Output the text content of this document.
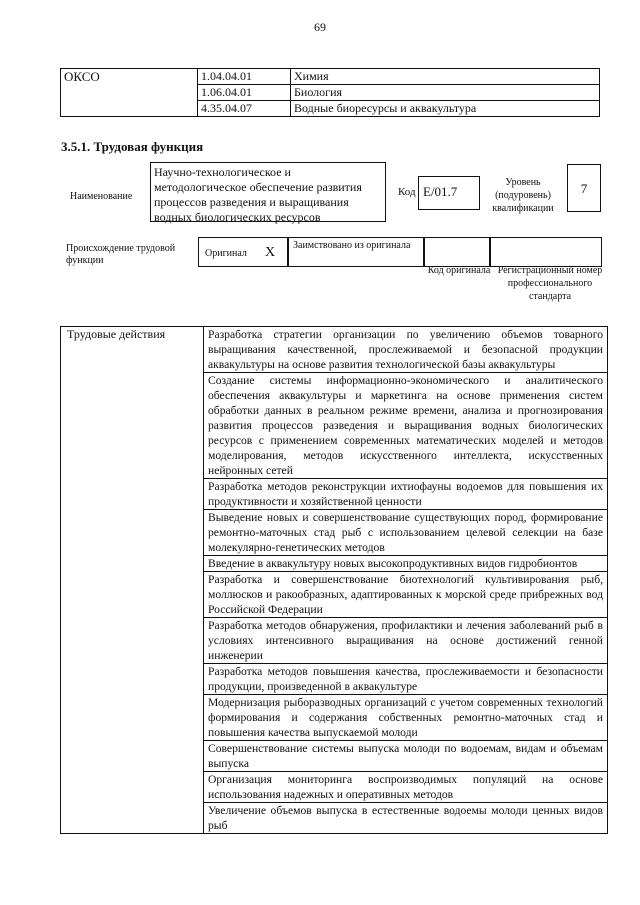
69
ОКСО	1.04.04.01	Химия
	1.06.04.01	Биология
	4.35.04.07	Водные биоресурсы и аквакультура
3.5.1. Трудовая функция
Наименование
Научно-технологическое и методологическое обеспечение развития процессов разведения и выращивания водных биологических ресурсов
Код E/01.7
Уровень (подуровень) квалификации
7
Происхождение трудовой функции
Оригинал X Заимствовано из оригинала
Код оригинала Регистрационный номер профессионального стандарта
Трудовые действия	Разработка стратегии организации по увеличению объемов товарного выращивания качественной, прослеживаемой и безопасной продукции аквакультуры на основе развития технологической базы аквакультуры
Создание системы информационно-экономического и аналитического обеспечения аквакультуры и маркетинга на основе применения систем обработки данных в реальном режиме времени, анализа и прогнозирования развития процессов разведения и выращивания водных биологических ресурсов с применением современных математических моделей и методов моделирования, методов искусственного интеллекта, искусственных нейронных сетей
Разработка методов реконструкции ихтиофауны водоемов для повышения их продуктивности и хозяйственной ценности
Выведение новых и совершенствование существующих пород, формирование ремонтно-маточных стад рыб с использованием целевой селекции на базе молекулярно-генетических методов
Введение в аквакультуру новых высокопродуктивных видов гидробионтов
Разработка и совершенствование биотехнологий культивирования рыб, моллюсков и ракообразных, адаптированных к морской среде прибрежных вод Российской Федерации
Разработка методов обнаружения, профилактики и лечения заболеваний рыб в условиях интенсивного выращивания на основе достижений генной инженерии
Разработка методов повышения качества, прослеживаемости и безопасности продукции, произведенной в аквакультуре
Модернизация рыборазводных организаций с учетом современных технологий формирования и содержания собственных ремонтно-маточных стад и повышения качества выпускаемой молоди
Совершенствование системы выпуска молоди по водоемам, видам и объемам выпуска
Организация мониторинга воспроизводимых популяций на основе использования надежных и оперативных методов
Увеличение объемов выпуска в естественные водоемы молоди ценных видов рыб
